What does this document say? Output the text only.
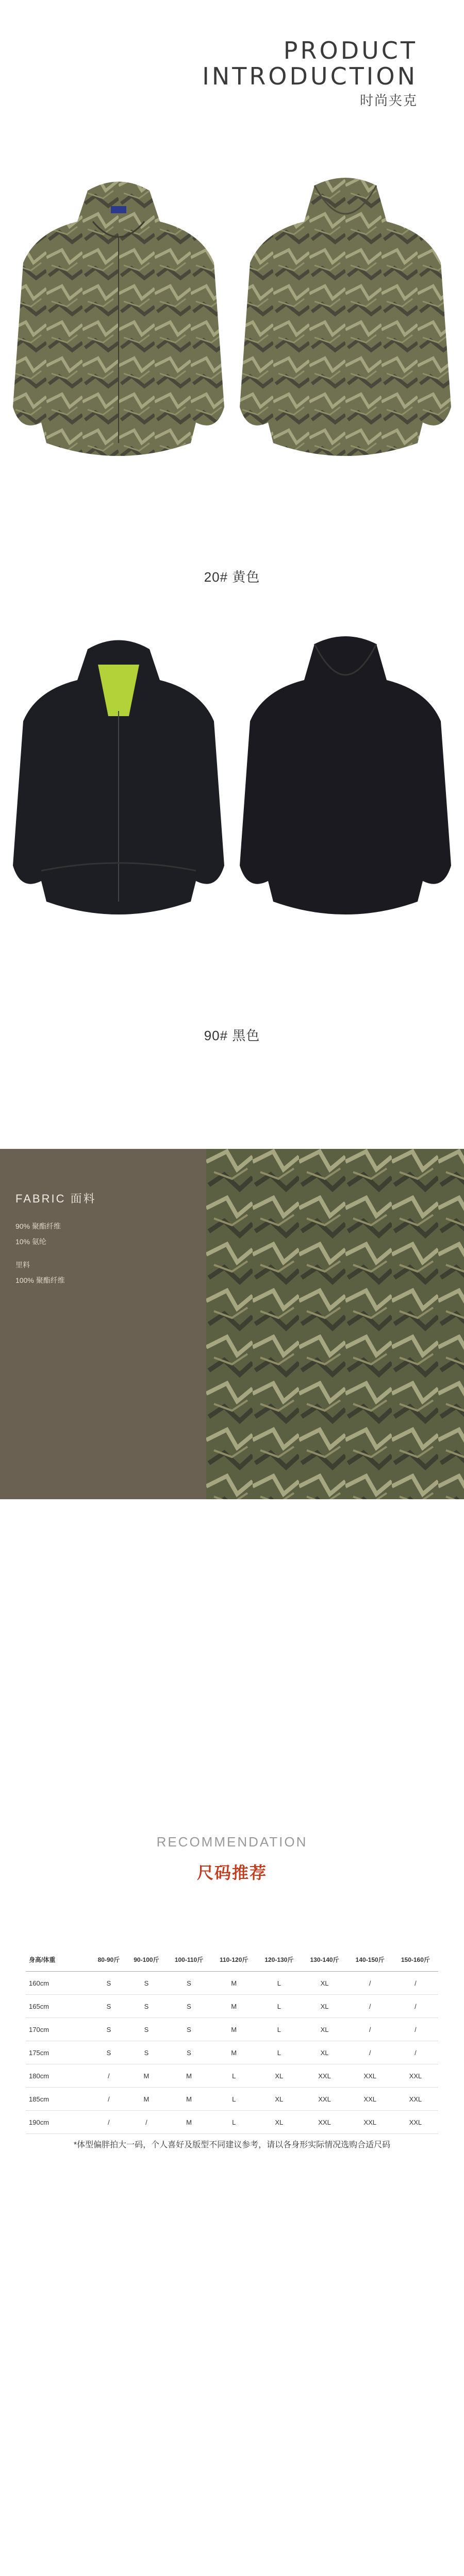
PRODUCT
INTRODUCTION
时尚夹克
20# 黄色
90# 黑色
FABRIC 面料
90% 聚酯纤维
10% 氨纶
里料
100% 聚酯纤维
RECOMMENDATION
尺码推荐
身高/体重	80-90斤	90-100斤	100-110斤	110-120斤	120-130斤	130-140斤	140-150斤	150-160斤
160cm	S	S	S	M	L	XL	/	/
165cm	S	S	S	M	L	XL	/	/
170cm	S	S	S	M	L	XL	/	/
175cm	S	S	S	M	L	XL	/	/
180cm	/	M	M	L	XL	XXL	XXL	XXL
185cm	/	M	M	L	XL	XXL	XXL	XXL
190cm	/	/	M	L	XL	XXL	XXL	XXL
*体型偏胖拍大一码，个人喜好及版型不同建议参考，请以各身形实际情况选购合适尺码
